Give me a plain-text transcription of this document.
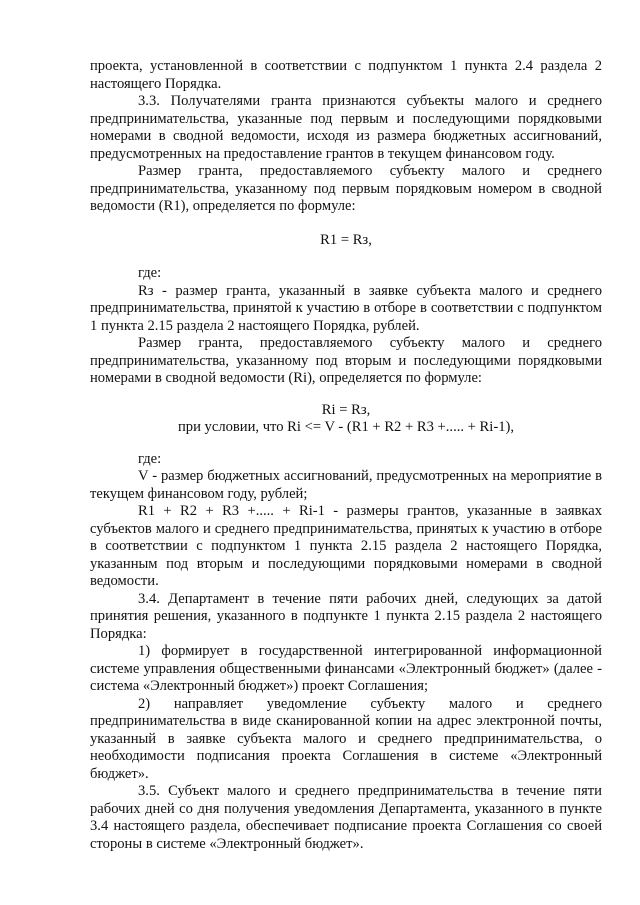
проекта, установленной в соответствии с подпунктом 1 пункта 2.4 раздела 2 настоящего Порядка.

3.3. Получателями гранта признаются субъекты малого и среднего предпринимательства, указанные под первым и последующими порядковыми номерами в сводной ведомости, исходя из размера бюджетных ассигнований, предусмотренных на предоставление грантов в текущем финансовом году.

Размер гранта, предоставляемого субъекту малого и среднего предпринимательства, указанному под первым порядковым номером в сводной ведомости (R1), определяется по формуле:

R1 = Rз,

где:

Rз - размер гранта, указанный в заявке субъекта малого и среднего предпринимательства, принятой к участию в отборе в соответствии с подпунктом 1 пункта 2.15 раздела 2 настоящего Порядка, рублей.

Размер гранта, предоставляемого субъекту малого и среднего предпринимательства, указанному под вторым и последующими порядковыми номерами в сводной ведомости (Ri), определяется по формуле:

Ri = Rз,

при условии, что Ri <= V - (R1 + R2 + R3 +..... + Ri-1),

где:

V - размер бюджетных ассигнований, предусмотренных на мероприятие в текущем финансовом году, рублей;

R1 + R2 + R3 +..... + Ri-1 - размеры грантов, указанные в заявках субъектов малого и среднего предпринимательства, принятых к участию в отборе в соответствии с подпунктом 1 пункта 2.15 раздела 2 настоящего Порядка, указанным под вторым и последующими порядковыми номерами в сводной ведомости.

3.4. Департамент в течение пяти рабочих дней, следующих за датой принятия решения, указанного в подпункте 1 пункта 2.15 раздела 2 настоящего Порядка:

1) формирует в государственной интегрированной информационной системе управления общественными финансами «Электронный бюджет» (далее - система «Электронный бюджет») проект Соглашения;

2) направляет уведомление субъекту малого и среднего предпринимательства в виде сканированной копии на адрес электронной почты, указанный в заявке субъекта малого и среднего предпринимательства, о необходимости подписания проекта Соглашения в системе «Электронный бюджет».

3.5. Субъект малого и среднего предпринимательства в течение пяти рабочих дней со дня получения уведомления Департамента, указанного в пункте 3.4 настоящего раздела, обеспечивает подписание проекта Соглашения со своей стороны в системе «Электронный бюджет».
